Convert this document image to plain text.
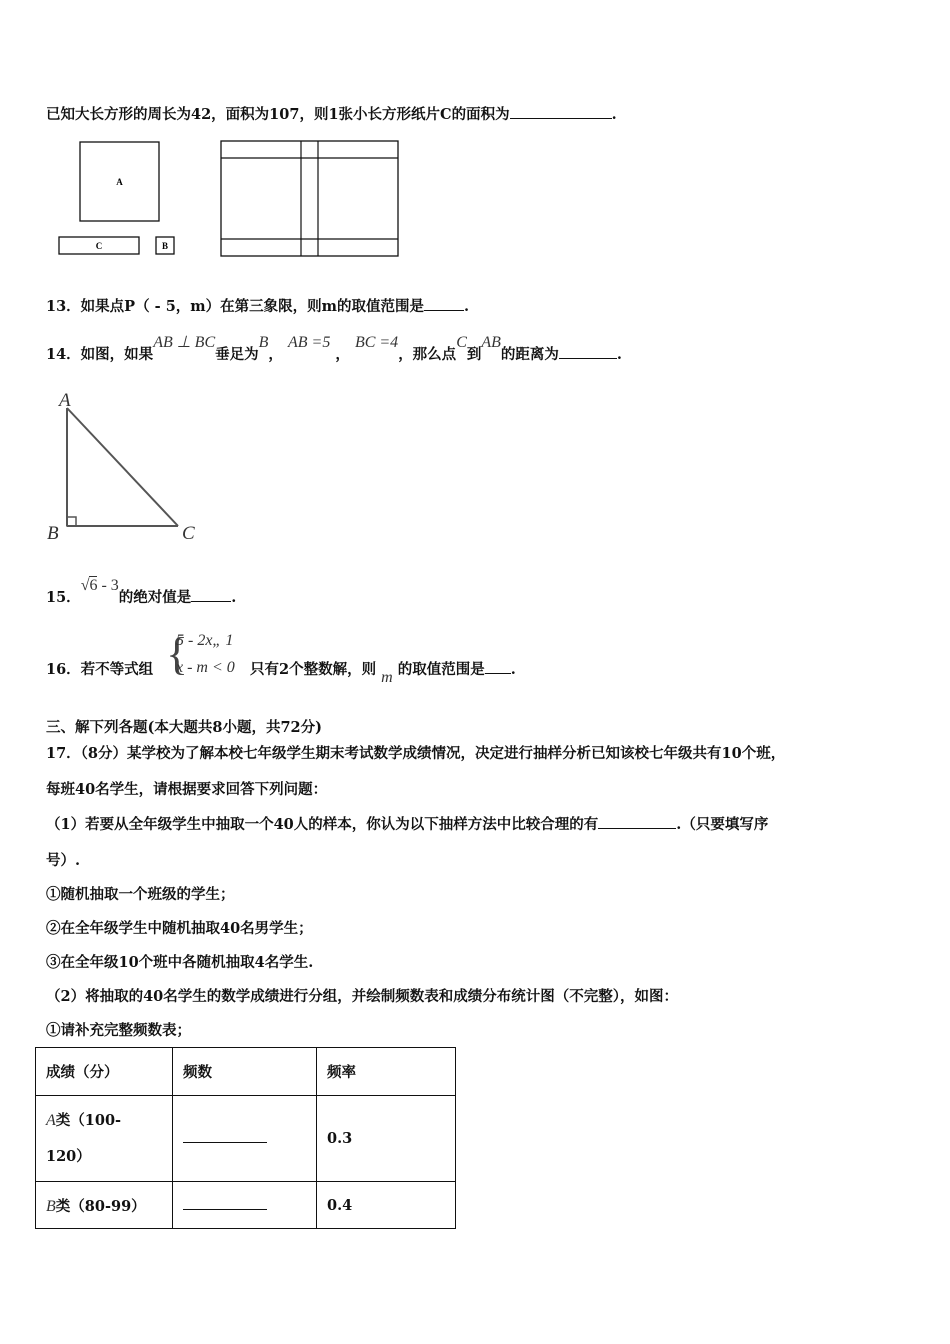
已知大长方形的周长为42，面积为107，则1张小长方形纸片C的面积为	.
A
C	B
13．如果点P（ - 5，m）在第三象限，则m的取值范围是	.
14．如图，如果AB ⊥ BC垂足为B， AB =5 ， BC =4，那么点C到AB的距离为	.
A
B	C
15．√6 - 3的绝对值是	.
16．若不等式组 {
5 - 2x„ 1
x - m < 0 只有2个整数解，则 m 的取值范围是 .
三、解下列各题(本大题共8小题，共72分)
17．（8分）某学校为了解本校七年级学生期末考试数学成绩情况，决定进行抽样分析已知该校七年级共有10个班，
每班40名学生，请根据要求回答下列问题：
（1）若要从全年级学生中抽取一个40人的样本，你认为以下抽样方法中比较合理的有	.（只要填写序
号）.
①随机抽取一个班级的学生；
②在全年级学生中随机抽取40名男学生；
③在全年级10个班中各随机抽取4名学生.
（2）将抽取的40名学生的数学成绩进行分组，并绘制频数表和成绩分布统计图（不完整），如图：
①请补充完整频数表；
成绩（分）	频数	频率
A类（100-
120）		0.3
B类（80-99）		0.4
